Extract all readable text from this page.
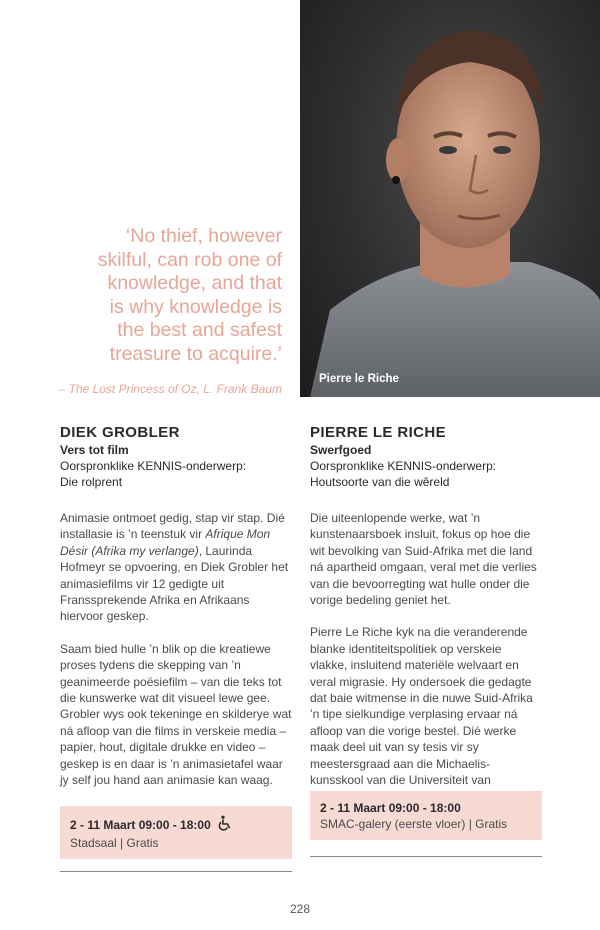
‘No thief, however
skilful, can rob one of
knowledge, and that
is why knowledge is
the best and safest
treasure to acquire.’
– The Lost Princess of Oz, L. Frank Baum
Pierre le Riche
DIEK GROBLER
Vers tot film
Oorspronklike KENNIS-onderwerp:
Die rolprent

Animasie ontmoet gedig, stap vir stap. Dié installasie is ’n teenstuk vir Afrique Mon Désir (Afrika my verlange), Laurinda Hofmeyr se opvoering, en Diek Grobler het animasiefilms vir 12 gedigte uit Franssprekende Afrika en Afrikaans hiervoor geskep.

Saam bied hulle ’n blik op die kreatiewe proses tydens die skepping van ’n geanimeerde poësiefilm – van die teks tot die kunswerke wat dit visueel lewe gee. Grobler wys ook tekeninge en skilderye wat ná afloop van die films in verskeie media – papier, hout, digitale drukke en video – geskep is en daar is ’n animasietafel waar jy self jou hand aan animasie kan waag.

2 - 11 Maart 09:00 - 18:00
Stadsaal | Gratis
PIERRE LE RICHE
Swerfgoed
Oorspronklike KENNIS-onderwerp:
Houtsoorte van die wêreld

Die uiteenlopende werke, wat ’n kunstenaarsboek insluit, fokus op hoe die wit bevolking van Suid-Afrika met die land ná apartheid omgaan, veral met die verlies van die bevoorregting wat hulle onder die vorige bedeling geniet het.

Pierre Le Riche kyk na die veranderende blanke identiteitspolitiek op verskeie vlakke, insluitend materiële welvaart en veral migrasie. Hy ondersoek die gedagte dat baie witmense in die nuwe Suid-Afrika ’n tipe sielkundige verplasing ervaar ná afloop van die vorige bestel. Dié werke maak deel uit van sy tesis vir sy meestersgraad aan die Michaelis-kunsskool van die Universiteit van

2 - 11 Maart 09:00 - 18:00
SMAC-galery (eerste vloer) | Gratis
228
